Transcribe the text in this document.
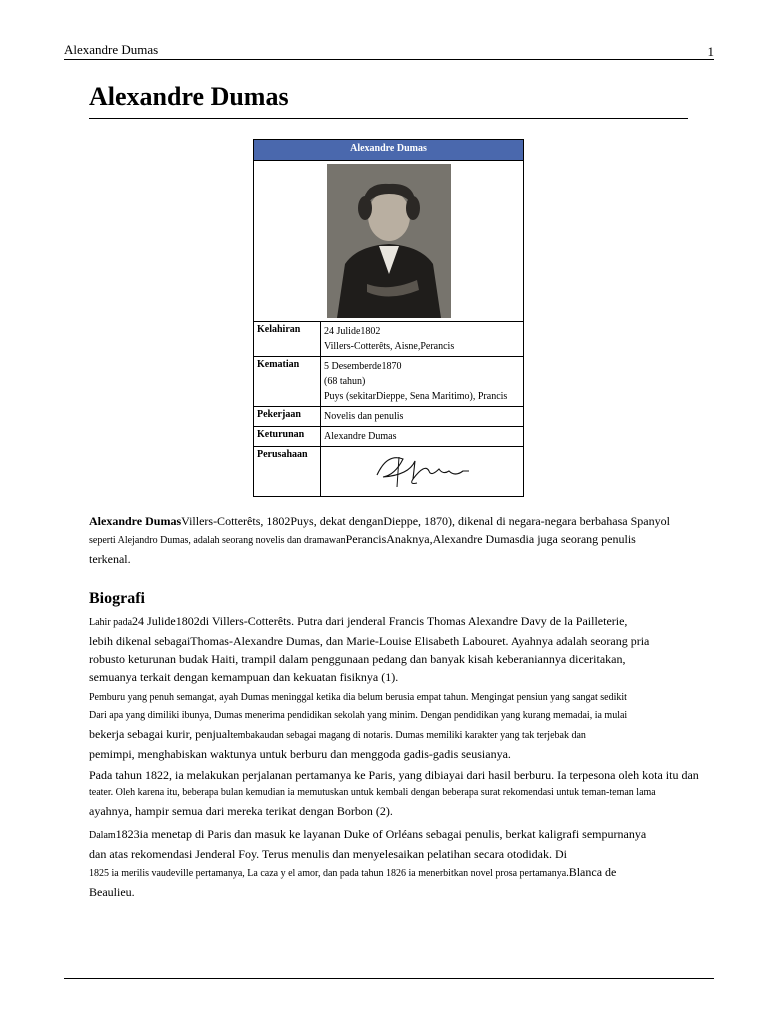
Alexandre Dumas	1
Alexandre Dumas
Alexandre Dumas	

Kelahiran	24 Julide1802
Villers-Cotterêts, Aisne,Perancis

Kematian	5 Desemberde1870
(68 tahun)
Puys (sekitarDieppe, Sena Maritimo), Prancis

Pekerjaan	Novelis dan penulis

Keturunan	Alexandre Dumas

Perusahaan	

Alexandre DumasVillers-Cotterêts, 1802Puys, dekat denganDieppe, 1870), dikenal di negara-negara berbahasa Spanyol

seperti Alejandro Dumas, adalah seorang novelis dan dramawanPerancisAnaknya,Alexandre Dumasdia juga seorang penulis

terkenal.

Biografi

Lahir pada24 Julide1802di Villers-Cotterêts. Putra dari jenderal Francis Thomas Alexandre Davy de la Pailleterie,

lebih dikenal sebagaiThomas-Alexandre Dumas, dan Marie-Louise Elisabeth Labouret. Ayahnya adalah seorang pria

robusto keturunan budak Haiti, trampil dalam penggunaan pedang dan banyak kisah keberaniannya diceritakan,

semuanya terkait dengan kemampuan dan kekuatan fisiknya (1).

Pemburu yang penuh semangat, ayah Dumas meninggal ketika dia belum berusia empat tahun. Mengingat pensiun yang sangat sedikit

Dari apa yang dimiliki ibunya, Dumas menerima pendidikan sekolah yang minim. Dengan pendidikan yang kurang memadai, ia mulai

bekerja sebagai kurir, penjualtembakaudan sebagai magang di notaris. Dumas memiliki karakter yang tak terjebak dan

pemimpi, menghabiskan waktunya untuk berburu dan menggoda gadis-gadis seusianya.

Pada tahun 1822, ia melakukan perjalanan pertamanya ke Paris, yang dibiayai dari hasil berburu. Ia terpesona oleh kota itu dan

teater. Oleh karena itu, beberapa bulan kemudian ia memutuskan untuk kembali dengan beberapa surat rekomendasi untuk teman-teman lama

ayahnya, hampir semua dari mereka terikat dengan Borbon (2).

Dalam1823ia menetap di Paris dan masuk ke layanan Duke of Orléans sebagai penulis, berkat kaligrafi sempurnanya

dan atas rekomendasi Jenderal Foy. Terus menulis dan menyelesaikan pelatihan secara otodidak. Di

1825 ia merilis vaudeville pertamanya, La caza y el amor, dan pada tahun 1826 ia menerbitkan novel prosa pertamanya.Blanca de

Beaulieu.
